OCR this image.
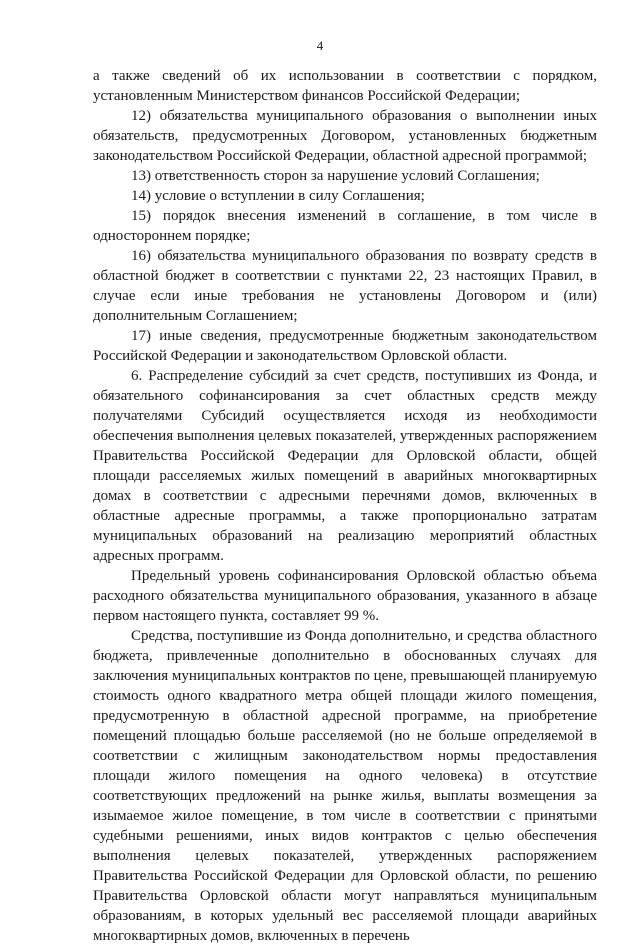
4

а также сведений об их использовании в соответствии с порядком, установленным Министерством финансов Российской Федерации;

12) обязательства муниципального образования о выполнении иных обязательств, предусмотренных Договором, установленных бюджетным законодательством Российской Федерации, областной адресной программой;

13) ответственность сторон за нарушение условий Соглашения;

14) условие о вступлении в силу Соглашения;

15) порядок внесения изменений в соглашение, в том числе в одностороннем порядке;

16) обязательства муниципального образования по возврату средств в областной бюджет в соответствии с пунктами 22, 23 настоящих Правил, в случае если иные требования не установлены Договором и (или) дополнительным Соглашением;

17) иные сведения, предусмотренные бюджетным законодательством Российской Федерации и законодательством Орловской области.

6. Распределение субсидий за счет средств, поступивших из Фонда, и обязательного софинансирования за счет областных средств между получателями Субсидий осуществляется исходя из необходимости обеспечения выполнения целевых показателей, утвержденных распоряжением Правительства Российской Федерации для Орловской области, общей площади расселяемых жилых помещений в аварийных многоквартирных домах в соответствии с адресными перечнями домов, включенных в областные адресные программы, а также пропорционально затратам муниципальных образований на реализацию мероприятий областных адресных программ.

Предельный уровень софинансирования Орловской областью объема расходного обязательства муниципального образования, указанного в абзаце первом настоящего пункта, составляет 99 %.

Средства, поступившие из Фонда дополнительно, и средства областного бюджета, привлеченные дополнительно в обоснованных случаях для заключения муниципальных контрактов по цене, превышающей планируемую стоимость одного квадратного метра общей площади жилого помещения, предусмотренную в областной адресной программе, на приобретение помещений площадью больше расселяемой (но не больше определяемой в соответствии с жилищным законодательством нормы предоставления площади жилого помещения на одного человека) в отсутствие соответствующих предложений на рынке жилья, выплаты возмещения за изымаемое жилое помещение, в том числе в соответствии с принятыми судебными решениями, иных видов контрактов с целью обеспечения выполнения целевых показателей, утвержденных распоряжением Правительства Российской Федерации для Орловской области, по решению Правительства Орловской области могут направляться муниципальным образованиям, в которых удельный вес расселяемой площади аварийных многоквартирных домов, включенных в перечень
